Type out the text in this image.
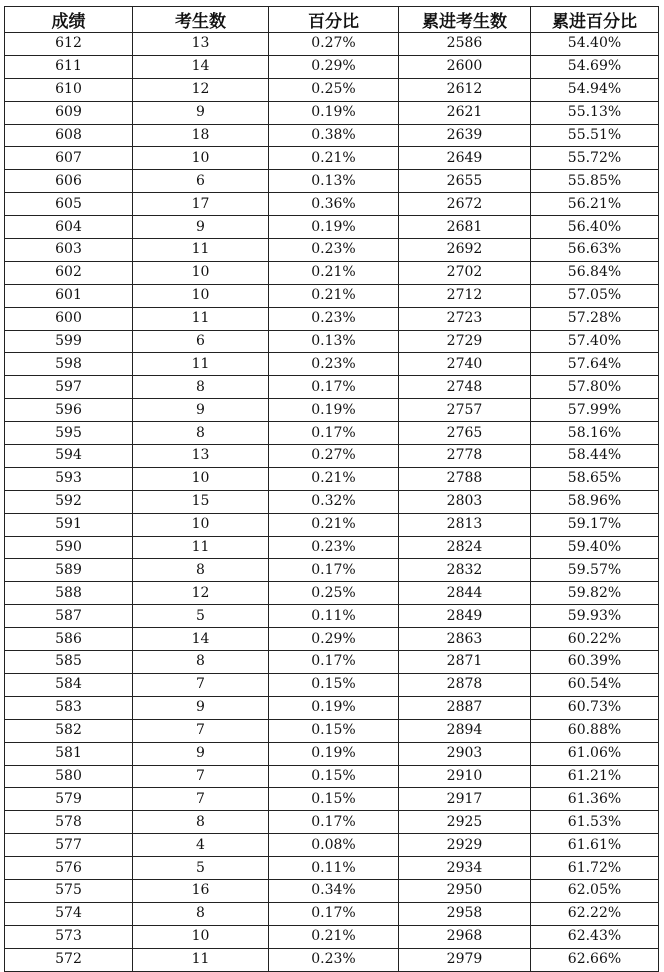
成绩	考生数	百分比	累进考生数	累进百分比
612	13	0.27%	2586	54.40%
611	14	0.29%	2600	54.69%
610	12	0.25%	2612	54.94%
609	9	0.19%	2621	55.13%
608	18	0.38%	2639	55.51%
607	10	0.21%	2649	55.72%
606	6	0.13%	2655	55.85%
605	17	0.36%	2672	56.21%
604	9	0.19%	2681	56.40%
603	11	0.23%	2692	56.63%
602	10	0.21%	2702	56.84%
601	10	0.21%	2712	57.05%
600	11	0.23%	2723	57.28%
599	6	0.13%	2729	57.40%
598	11	0.23%	2740	57.64%
597	8	0.17%	2748	57.80%
596	9	0.19%	2757	57.99%
595	8	0.17%	2765	58.16%
594	13	0.27%	2778	58.44%
593	10	0.21%	2788	58.65%
592	15	0.32%	2803	58.96%
591	10	0.21%	2813	59.17%
590	11	0.23%	2824	59.40%
589	8	0.17%	2832	59.57%
588	12	0.25%	2844	59.82%
587	5	0.11%	2849	59.93%
586	14	0.29%	2863	60.22%
585	8	0.17%	2871	60.39%
584	7	0.15%	2878	60.54%
583	9	0.19%	2887	60.73%
582	7	0.15%	2894	60.88%
581	9	0.19%	2903	61.06%
580	7	0.15%	2910	61.21%
579	7	0.15%	2917	61.36%
578	8	0.17%	2925	61.53%
577	4	0.08%	2929	61.61%
576	5	0.11%	2934	61.72%
575	16	0.34%	2950	62.05%
574	8	0.17%	2958	62.22%
573	10	0.21%	2968	62.43%
572	11	0.23%	2979	62.66%
